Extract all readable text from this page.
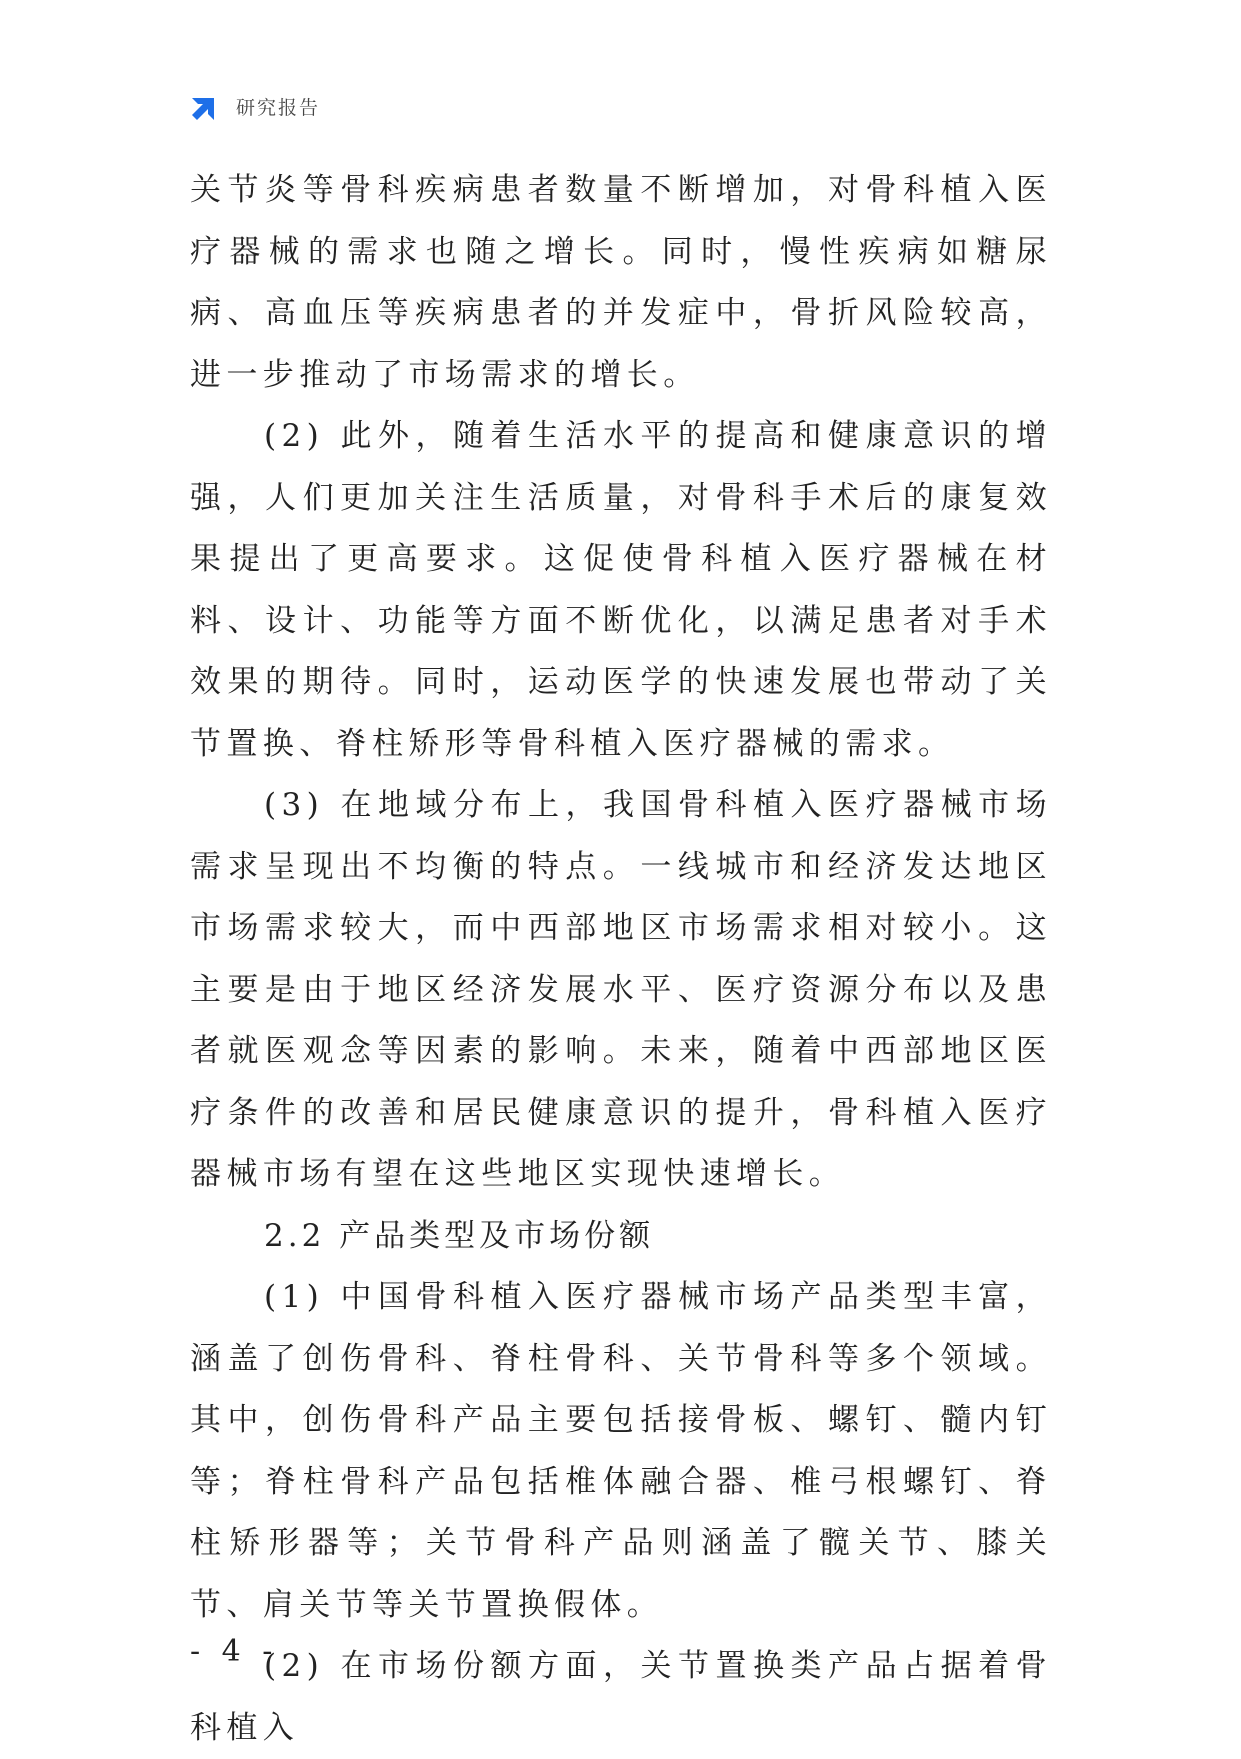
研究报告

关节炎等骨科疾病患者数量不断增加，对骨科植入医疗器械的需求也随之增长。同时，慢性疾病如糖尿病、高血压等疾病患者的并发症中，骨折风险较高，进一步推动了市场需求的增长。

(2) 此外，随着生活水平的提高和健康意识的增强，人们更加关注生活质量，对骨科手术后的康复效果提出了更高要求。这促使骨科植入医疗器械在材料、设计、功能等方面不断优化，以满足患者对手术效果的期待。同时，运动医学的快速发展也带动了关节置换、脊柱矫形等骨科植入医疗器械的需求。

(3) 在地域分布上，我国骨科植入医疗器械市场需求呈现出不均衡的特点。一线城市和经济发达地区市场需求较大，而中西部地区市场需求相对较小。这主要是由于地区经济发展水平、医疗资源分布以及患者就医观念等因素的影响。未来，随着中西部地区医疗条件的改善和居民健康意识的提升，骨科植入医疗器械市场有望在这些地区实现快速增长。

2.2 产品类型及市场份额

(1) 中国骨科植入医疗器械市场产品类型丰富，涵盖了创伤骨科、脊柱骨科、关节骨科等多个领域。其中，创伤骨科产品主要包括接骨板、螺钉、髓内钉等；脊柱骨科产品包括椎体融合器、椎弓根螺钉、脊柱矫形器等；关节骨科产品则涵盖了髋关节、膝关节、肩关节等关节置换假体。

(2) 在市场份额方面，关节置换类产品占据着骨科植入

- 4 -
